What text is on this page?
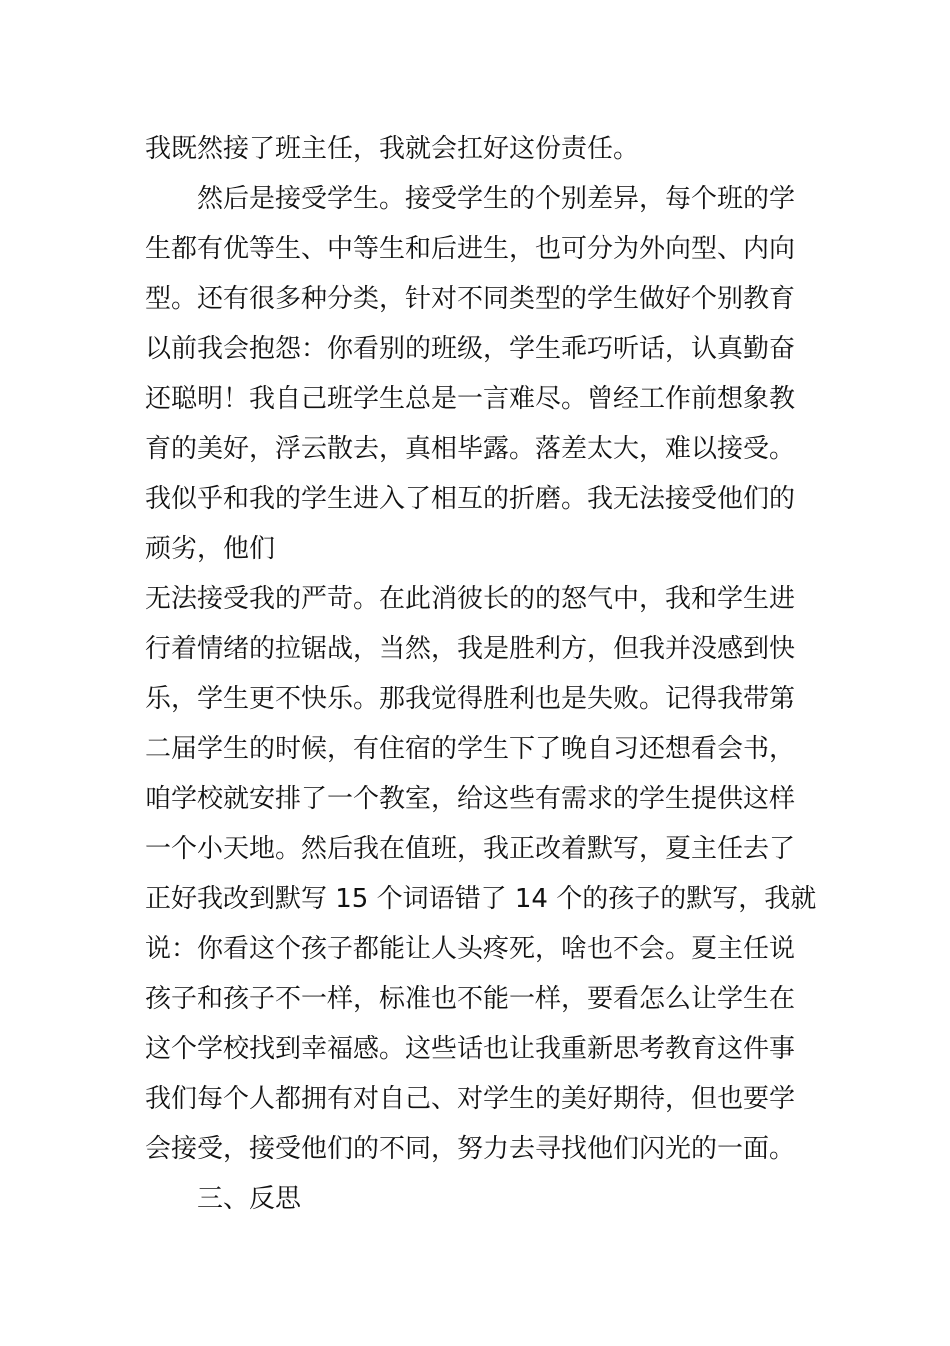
我既然接了班主任，我就会扛好这份责任。
然后是接受学生。接受学生的个别差异，每个班的学
生都有优等生、中等生和后进生，也可分为外向型、内向
型。还有很多种分类，针对不同类型的学生做好个别教育
以前我会抱怨：你看别的班级，学生乖巧听话，认真勤奋
还聪明！我自己班学生总是一言难尽。曾经工作前想象教
育的美好，浮云散去，真相毕露。落差太大，难以接受。
我似乎和我的学生进入了相互的折磨。我无法接受他们的
顽劣，他们
无法接受我的严苛。在此消彼长的的怒气中，我和学生进
行着情绪的拉锯战，当然，我是胜利方，但我并没感到快
乐，学生更不快乐。那我觉得胜利也是失败。记得我带第
二届学生的时候，有住宿的学生下了晚自习还想看会书，
咱学校就安排了一个教室，给这些有需求的学生提供这样
一个小天地。然后我在值班，我正改着默写，夏主任去了
正好我改到默写 15 个词语错了 14 个的孩子的默写，我就
说：你看这个孩子都能让人头疼死，啥也不会。夏主任说
孩子和孩子不一样，标准也不能一样，要看怎么让学生在
这个学校找到幸福感。这些话也让我重新思考教育这件事
我们每个人都拥有对自己、对学生的美好期待，但也要学
会接受，接受他们的不同，努力去寻找他们闪光的一面。
三、反思
